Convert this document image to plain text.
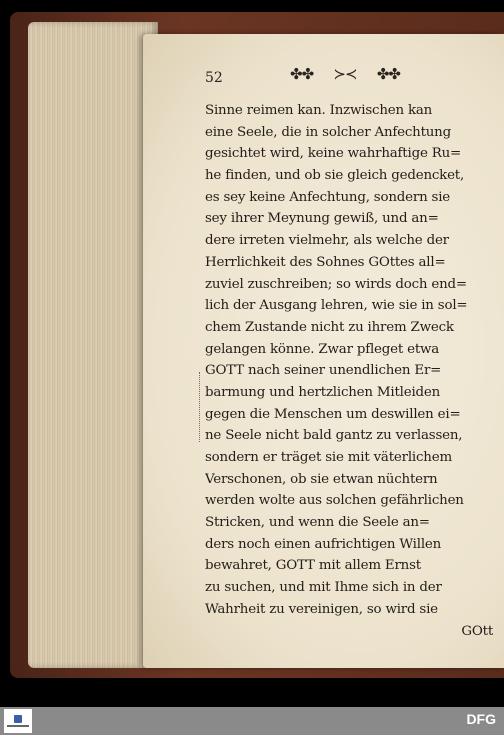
52	✤✤ ≻≺ ✤✤
Sinne reimen kan. Inzwischen kan
eine Seele, die in solcher Anfechtung
gesichtet wird, keine wahrhaftige Ru=
he finden, und ob sie gleich gedencket,
es sey keine Anfechtung, sondern sie
sey ihrer Meynung gewiß, und an=
dere irreten vielmehr, als welche der
Herrlichkeit des Sohnes GOttes all=
zuviel zuschreiben; so wirds doch end=
lich der Ausgang lehren, wie sie in sol=
chem Zustande nicht zu ihrem Zweck
gelangen könne. Zwar pfleget etwa
GOTT nach seiner unendlichen Er=
barmung und hertzlichen Mitleiden
gegen die Menschen um deswillen ei=
ne Seele nicht bald gantz zu verlassen,
sondern er träget sie mit väterlichem
Verschonen, ob sie etwan nüchtern
werden wolte aus solchen gefährlichen
Stricken, und wenn die Seele an=
ders noch einen aufrichtigen Willen
bewahret, GOTT mit allem Ernst
zu suchen, und mit Ihme sich in der
Wahrheit zu vereinigen, so wird sie
GOtt
DFG
